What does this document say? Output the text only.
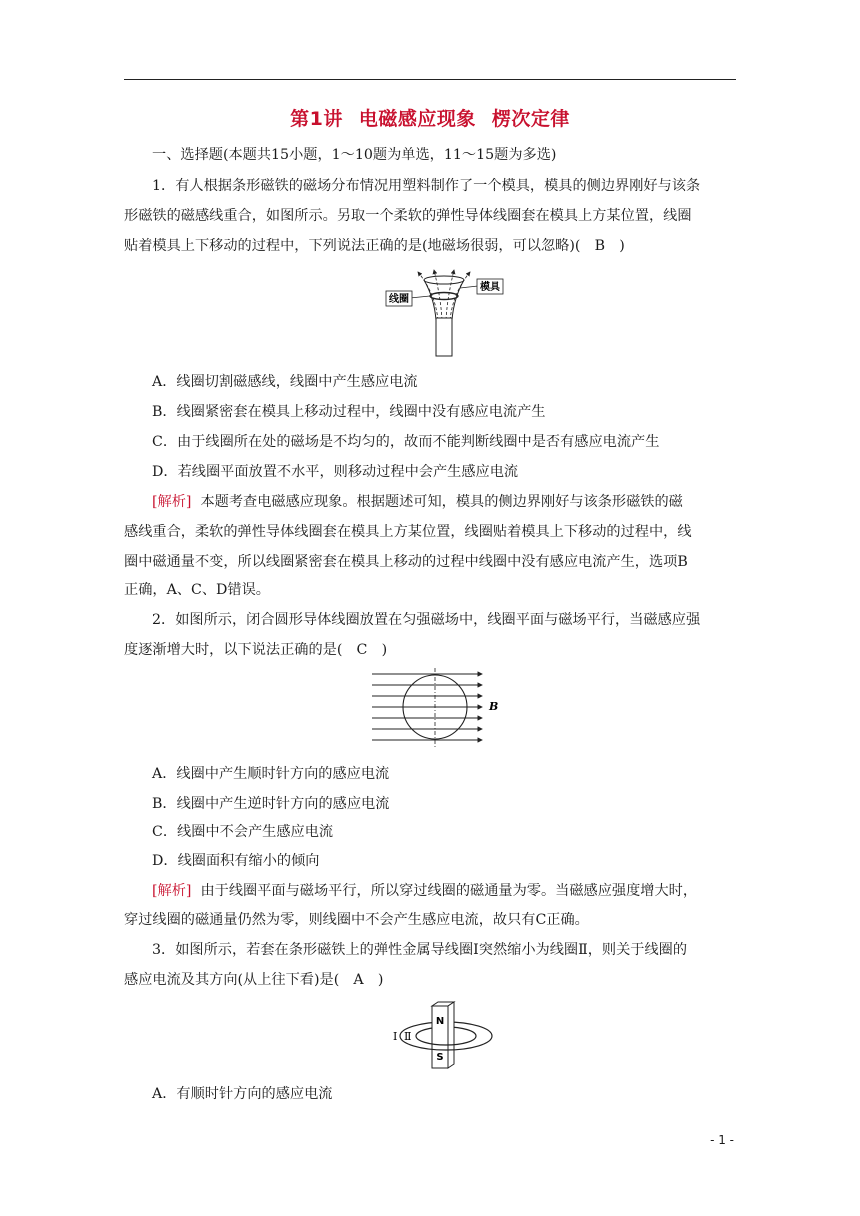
第1讲 电磁感应现象 楞次定律
一、选择题(本题共15小题，1～10题为单选，11～15题为多选)
1．有人根据条形磁铁的磁场分布情况用塑料制作了一个模具，模具的侧边界刚好与该条
形磁铁的磁感线重合，如图所示。另取一个柔软的弹性导体线圈套在模具上方某位置，线圈
贴着模具上下移动的过程中，下列说法正确的是(地磁场很弱，可以忽略)(　B　)
线圈
模具
A．线圈切割磁感线，线圈中产生感应电流
B．线圈紧密套在模具上移动过程中，线圈中没有感应电流产生
C．由于线圈所在处的磁场是不均匀的，故而不能判断线圈中是否有感应电流产生
D．若线圈平面放置不水平，则移动过程中会产生感应电流
[解析] 本题考查电磁感应现象。根据题述可知，模具的侧边界刚好与该条形磁铁的磁
感线重合，柔软的弹性导体线圈套在模具上方某位置，线圈贴着模具上下移动的过程中，线
圈中磁通量不变，所以线圈紧密套在模具上移动的过程中线圈中没有感应电流产生，选项B
正确，A、C、D错误。
2．如图所示，闭合圆形导体线圈放置在匀强磁场中，线圈平面与磁场平行，当磁感应强
度逐渐增大时，以下说法正确的是(　C　)
B
A．线圈中产生顺时针方向的感应电流
B．线圈中产生逆时针方向的感应电流
C．线圈中不会产生感应电流
D．线圈面积有缩小的倾向
[解析] 由于线圈平面与磁场平行，所以穿过线圈的磁通量为零。当磁感应强度增大时，
穿过线圈的磁通量仍然为零，则线圈中不会产生感应电流，故只有C正确。
3．如图所示，若套在条形磁铁上的弹性金属导线圈Ⅰ突然缩小为线圈Ⅱ，则关于线圈的
感应电流及其方向(从上往下看)是(　A　)
N
S
Ⅰ Ⅱ
A．有顺时针方向的感应电流
- 1 -
